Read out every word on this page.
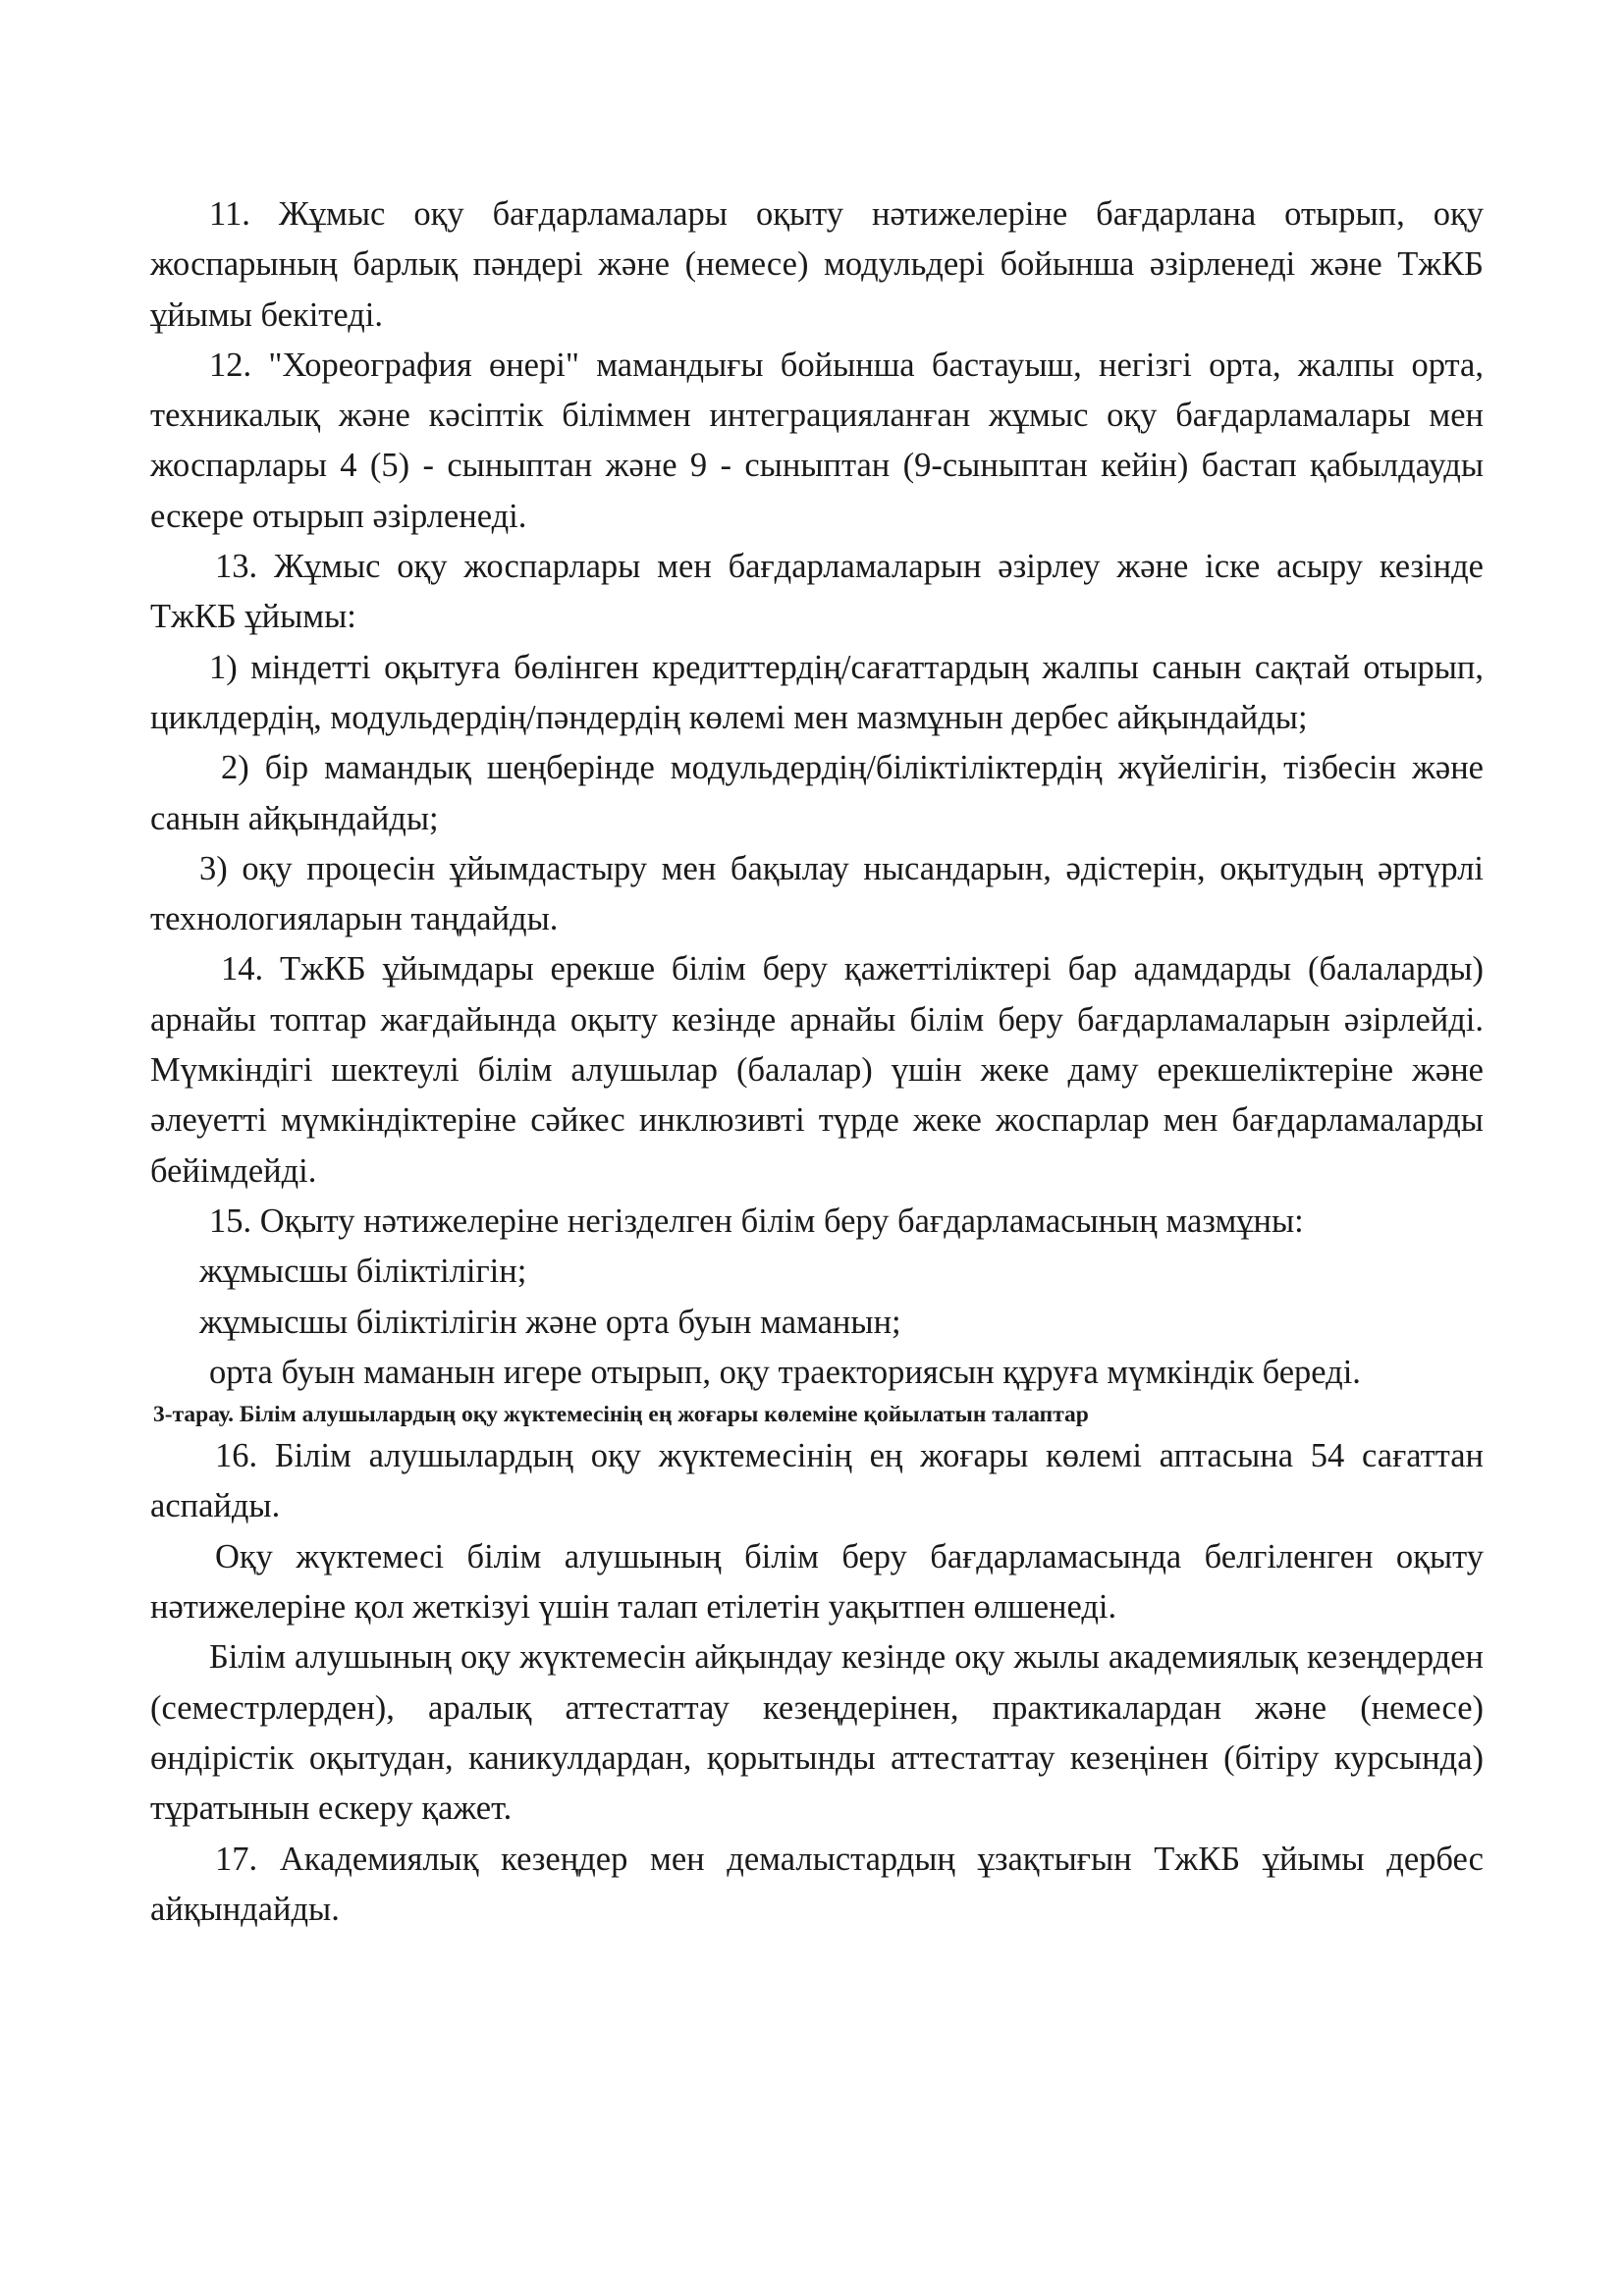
11. Жұмыс оқу бағдарламалары оқыту нәтижелеріне бағдарлана отырып, оқу жоспарының барлық пәндері және (немесе) модульдері бойынша әзірленеді және ТжКБ ұйымы бекітеді.

12. "Хореография өнері" мамандығы бойынша бастауыш, негізгі орта, жалпы орта, техникалық және кәсіптік біліммен интеграцияланған жұмыс оқу бағдарламалары мен жоспарлары 4 (5) - сыныптан және 9 - сыныптан (9-сыныптан кейін) бастап қабылдауды ескере отырып әзірленеді.

13. Жұмыс оқу жоспарлары мен бағдарламаларын әзірлеу және іске асыру кезінде ТжКБ ұйымы:

1) міндетті оқытуға бөлінген кредиттердің/сағаттардың жалпы санын сақтай отырып, циклдердің, модульдердің/пәндердің көлемі мен мазмұнын дербес айқындайды;

2) бір мамандық шеңберінде модульдердің/біліктіліктердің жүйелігін, тізбесін және санын айқындайды;

3) оқу процесін ұйымдастыру мен бақылау нысандарын, әдістерін, оқытудың әртүрлі технологияларын таңдайды.

14. ТжКБ ұйымдары ерекше білім беру қажеттіліктері бар адамдарды (балаларды) арнайы топтар жағдайында оқыту кезінде арнайы білім беру бағдарламаларын әзірлейді. Мүмкіндігі шектеулі білім алушылар (балалар) үшін жеке даму ерекшеліктеріне және әлеуетті мүмкіндіктеріне сәйкес инклюзивті түрде жеке жоспарлар мен бағдарламаларды бейімдейді.

15. Оқыту нәтижелеріне негізделген білім беру бағдарламасының мазмұны:

жұмысшы біліктілігін;

жұмысшы біліктілігін және орта буын маманын;

орта буын маманын игере отырып, оқу траекториясын құруға мүмкіндік береді.

3-тарау. Білім алушылардың оқу жүктемесінің ең жоғары көлеміне қойылатын талаптар

16. Білім алушылардың оқу жүктемесінің ең жоғары көлемі аптасына 54 сағаттан аспайды.

Оқу жүктемесі білім алушының білім беру бағдарламасында белгіленген оқыту нәтижелеріне қол жеткізуі үшін талап етілетін уақытпен өлшенеді.

Білім алушының оқу жүктемесін айқындау кезінде оқу жылы академиялық кезеңдерден (семестрлерден), аралық аттестаттау кезеңдерінен, практикалардан және (немесе) өндірістік оқытудан, каникулдардан, қорытынды аттестаттау кезеңінен (бітіру курсында) тұратынын ескеру қажет.

17. Академиялық кезеңдер мен демалыстардың ұзақтығын ТжКБ ұйымы дербес айқындайды.
